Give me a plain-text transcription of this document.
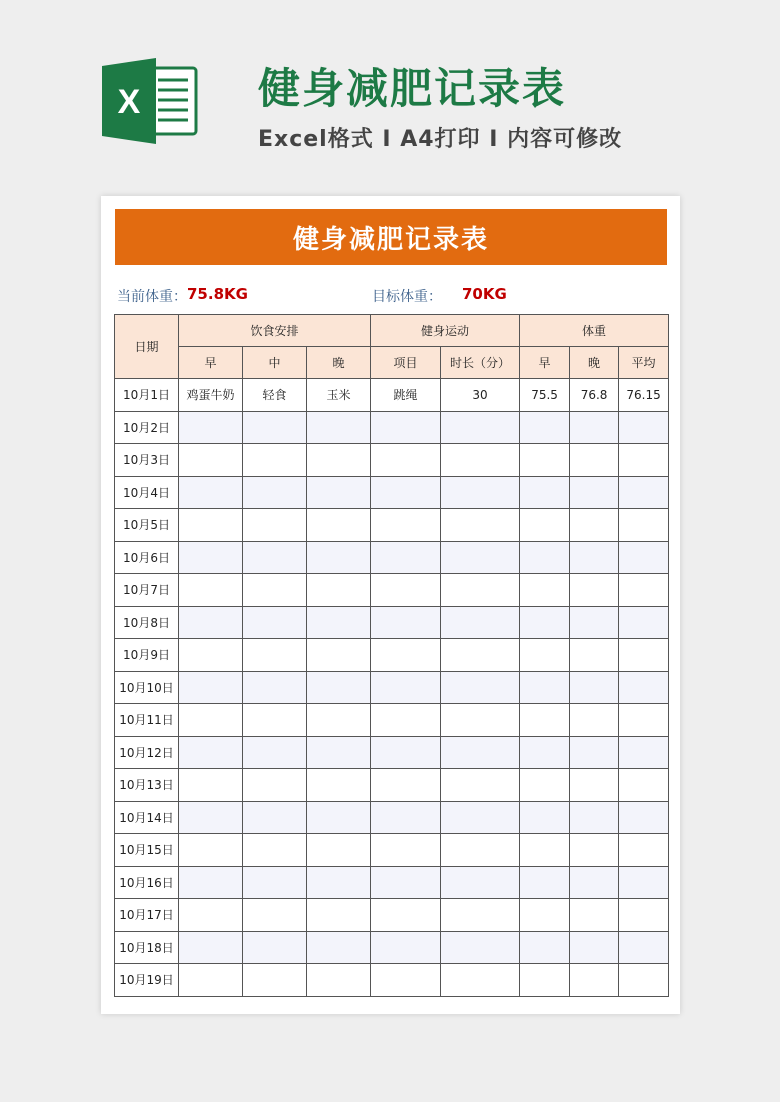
X	健身减肥记录表
Excel格式 I A4打印 I 内容可修改
健身减肥记录表
当前体重： 75.8KG	目标体重： 70KG
日期	饮食安排			健身运动		体重		
	早	中	晚	项目	时长（分）	早	晚	平均
10月1日	鸡蛋牛奶	轻食	玉米	跳绳	30	75.5	76.8	76.15
10月2日								
10月3日								
10月4日								
10月5日								
10月6日								
10月7日								
10月8日								
10月9日								
10月10日								
10月11日								
10月12日								
10月13日								
10月14日								
10月15日								
10月16日								
10月17日								
10月18日								
10月19日								
